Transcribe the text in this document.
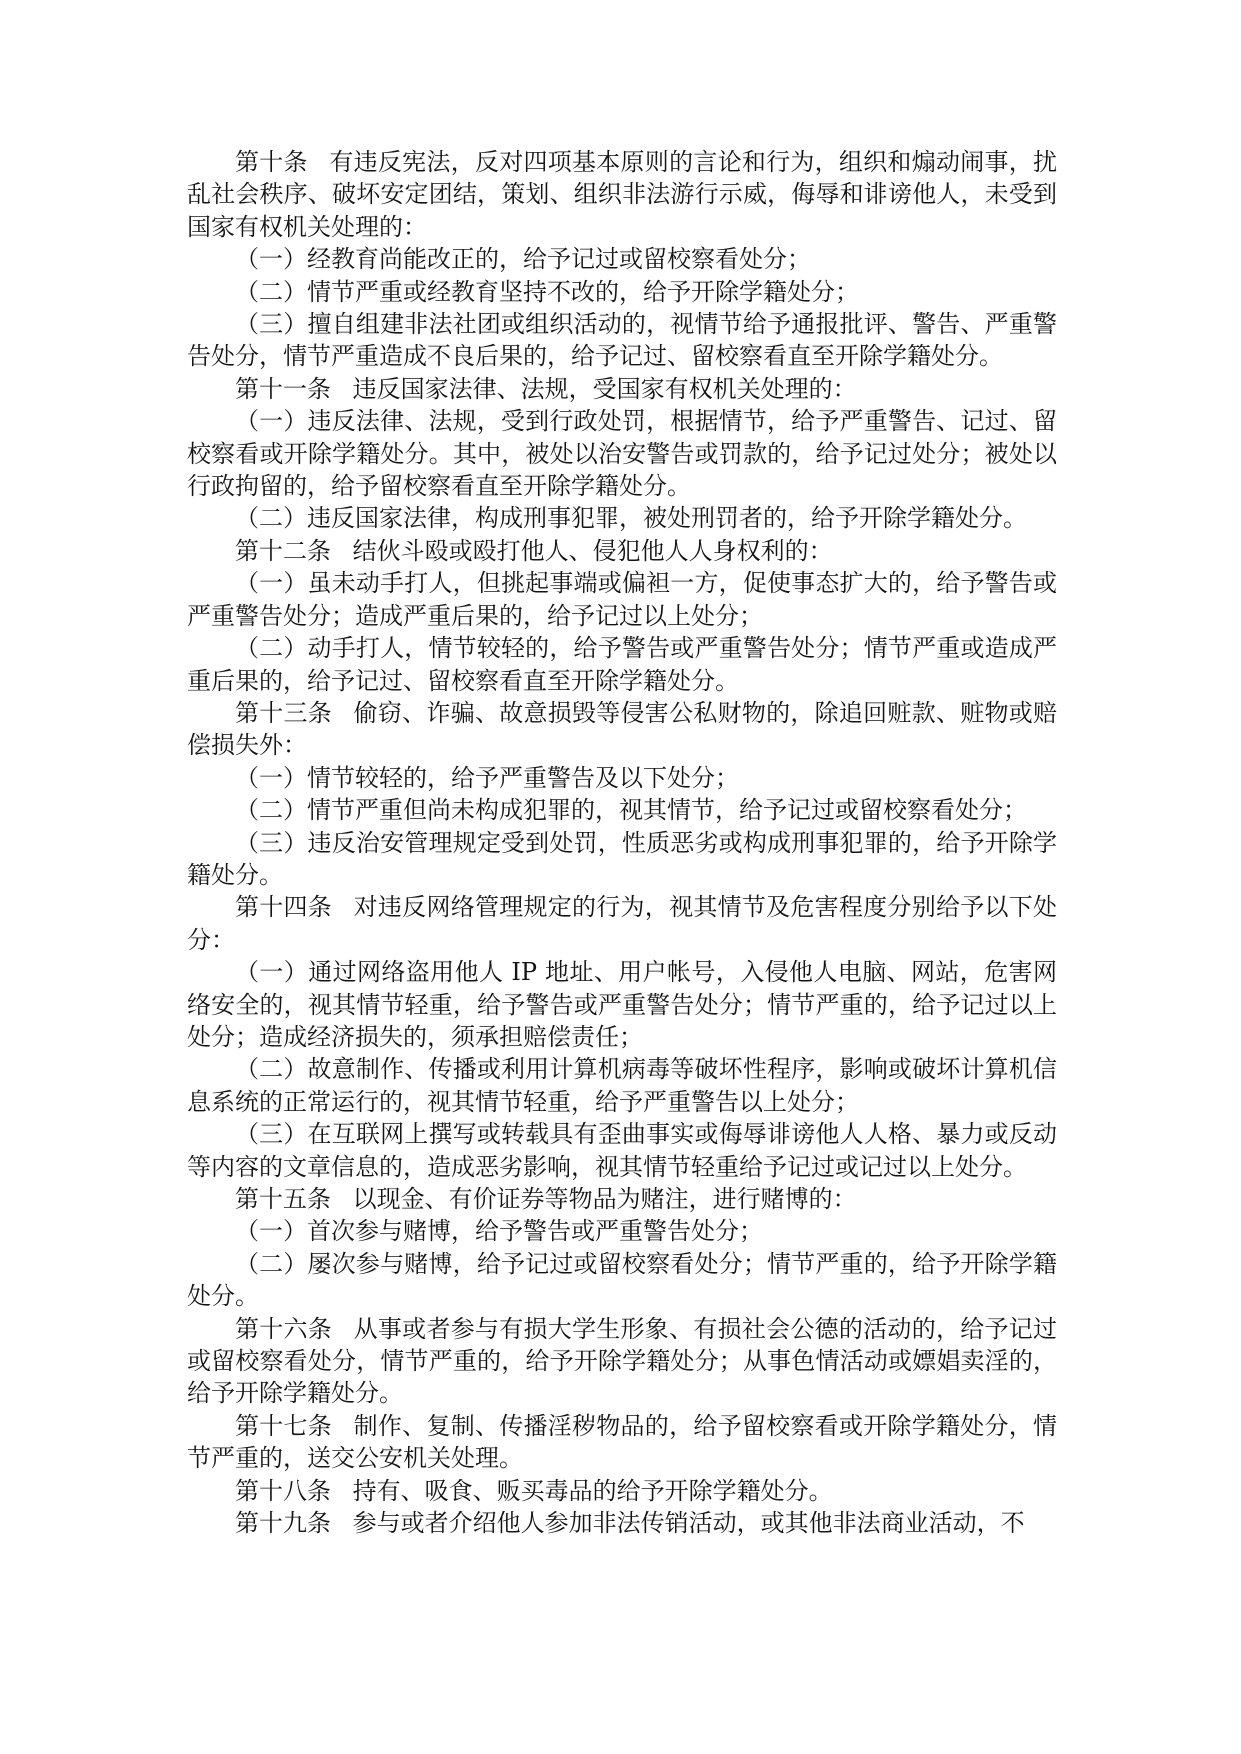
第十条 有违反宪法，反对四项基本原则的言论和行为，组织和煽动闹事，扰乱社会秩序、破坏安定团结，策划、组织非法游行示威，侮辱和诽谤他人，未受到国家有权机关处理的：

（一）经教育尚能改正的，给予记过或留校察看处分；

（二）情节严重或经教育坚持不改的，给予开除学籍处分；

（三）擅自组建非法社团或组织活动的，视情节给予通报批评、警告、严重警告处分，情节严重造成不良后果的，给予记过、留校察看直至开除学籍处分。

第十一条 违反国家法律、法规，受国家有权机关处理的：

（一）违反法律、法规，受到行政处罚，根据情节，给予严重警告、记过、留校察看或开除学籍处分。其中，被处以治安警告或罚款的，给予记过处分；被处以行政拘留的，给予留校察看直至开除学籍处分。

（二）违反国家法律，构成刑事犯罪，被处刑罚者的，给予开除学籍处分。

第十二条 结伙斗殴或殴打他人、侵犯他人人身权利的：

（一）虽未动手打人，但挑起事端或偏袒一方，促使事态扩大的，给予警告或严重警告处分；造成严重后果的，给予记过以上处分；

（二）动手打人，情节较轻的，给予警告或严重警告处分；情节严重或造成严重后果的，给予记过、留校察看直至开除学籍处分。

第十三条 偷窃、诈骗、故意损毁等侵害公私财物的，除追回赃款、赃物或赔偿损失外：

（一）情节较轻的，给予严重警告及以下处分；

（二）情节严重但尚未构成犯罪的，视其情节，给予记过或留校察看处分；

（三）违反治安管理规定受到处罚，性质恶劣或构成刑事犯罪的，给予开除学籍处分。

第十四条 对违反网络管理规定的行为，视其情节及危害程度分别给予以下处分：

（一）通过网络盗用他人 IP 地址、用户帐号，入侵他人电脑、网站，危害网络安全的，视其情节轻重，给予警告或严重警告处分；情节严重的，给予记过以上处分；造成经济损失的，须承担赔偿责任；

（二）故意制作、传播或利用计算机病毒等破坏性程序，影响或破坏计算机信息系统的正常运行的，视其情节轻重，给予严重警告以上处分；

（三）在互联网上撰写或转载具有歪曲事实或侮辱诽谤他人人格、暴力或反动等内容的文章信息的，造成恶劣影响，视其情节轻重给予记过或记过以上处分。

第十五条 以现金、有价证券等物品为赌注，进行赌博的：

（一）首次参与赌博，给予警告或严重警告处分；

（二）屡次参与赌博，给予记过或留校察看处分；情节严重的，给予开除学籍处分。

第十六条 从事或者参与有损大学生形象、有损社会公德的活动的，给予记过或留校察看处分，情节严重的，给予开除学籍处分；从事色情活动或嫖娼卖淫的，给予开除学籍处分。

第十七条 制作、复制、传播淫秽物品的，给予留校察看或开除学籍处分，情节严重的，送交公安机关处理。

第十八条 持有、吸食、贩买毒品的给予开除学籍处分。

第十九条 参与或者介绍他人参加非法传销活动，或其他非法商业活动，不
